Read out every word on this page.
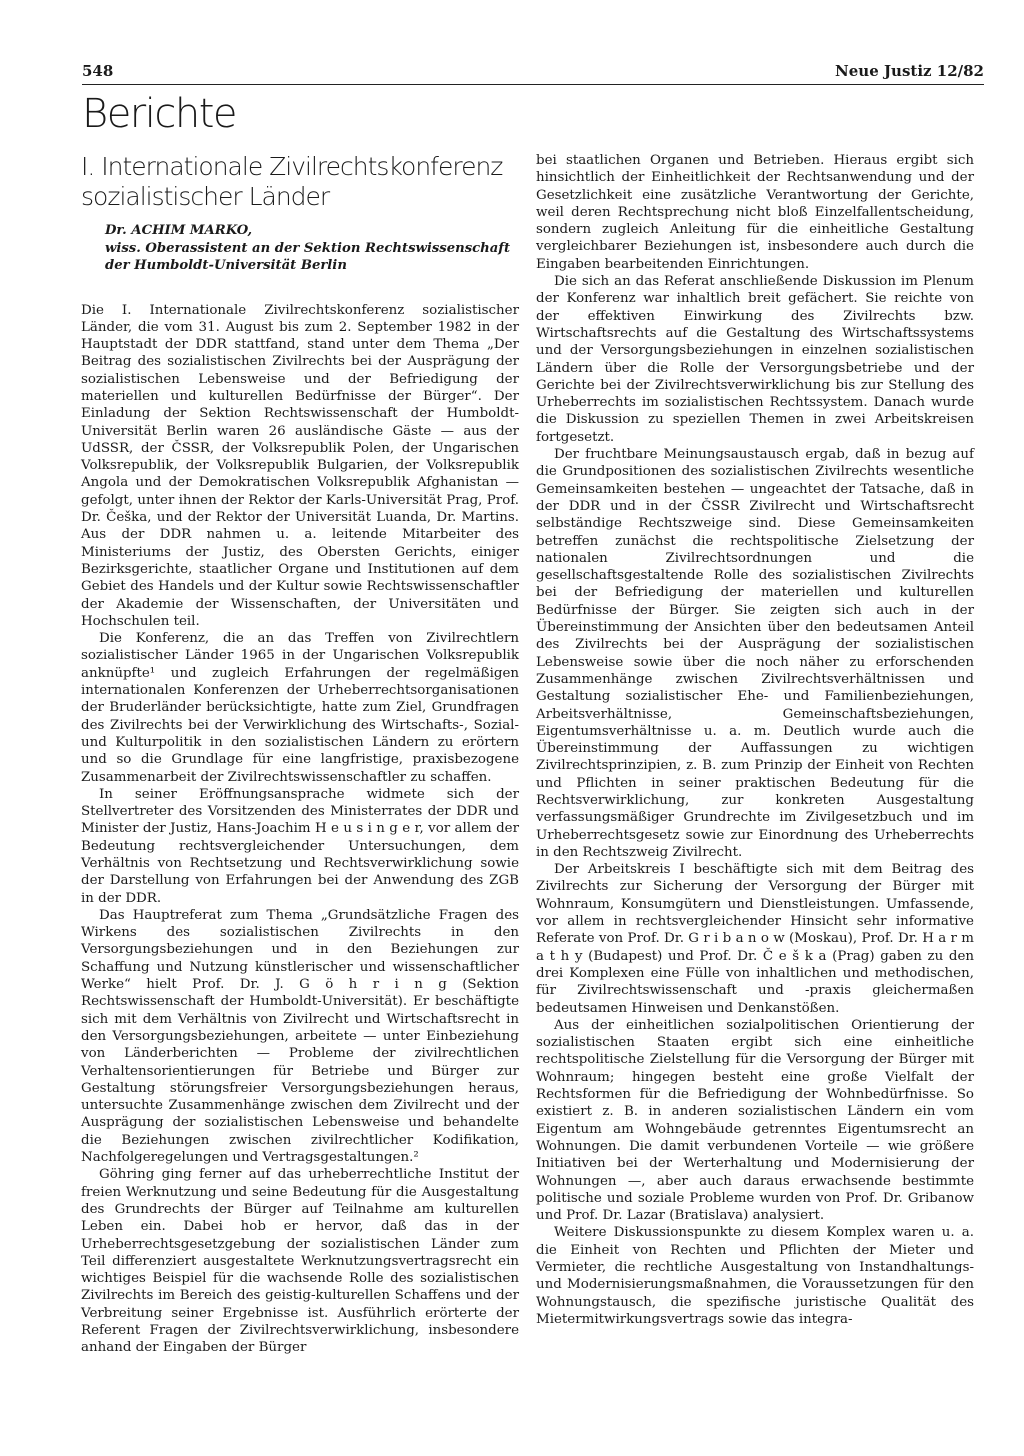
548	Neue Justiz 12/82
Berichte
I. Internationale Zivilrechtskonferenz
sozialistischer Länder
Dr. ACHIM MARKO,
wiss. Oberassistent an der Sektion Rechtswissenschaft
der Humboldt-Universität Berlin

Die I. Internationale Zivilrechtskonferenz sozialistischer Länder, die vom 31. August bis zum 2. September 1982 in der Hauptstadt der DDR stattfand, stand unter dem Thema „Der Beitrag des sozialistischen Zivilrechts bei der Ausprägung der sozialistischen Lebensweise und der Befriedigung der materiellen und kulturellen Bedürfnisse der Bürger“. Der Einladung der Sektion Rechtswissenschaft der Humboldt-Universität Berlin waren 26 ausländische Gäste — aus der UdSSR, der ČSSR, der Volksrepublik Polen, der Ungarischen Volksrepublik, der Volksrepublik Bulgarien, der Volksrepublik Angola und der Demokratischen Volksrepublik Afghanistan — gefolgt, unter ihnen der Rektor der Karls-Universität Prag, Prof. Dr. Češka, und der Rektor der Universität Luanda, Dr. Martins. Aus der DDR nahmen u. a. leitende Mitarbeiter des Ministeriums der Justiz, des Obersten Gerichts, einiger Bezirksgerichte, staatlicher Organe und Institutionen auf dem Gebiet des Handels und der Kultur sowie Rechtswissenschaftler der Akademie der Wissenschaften, der Universitäten und Hochschulen teil.

Die Konferenz, die an das Treffen von Zivilrechtlern sozialistischer Länder 1965 in der Ungarischen Volksrepublik anknüpfte¹ und zugleich Erfahrungen der regelmäßigen internationalen Konferenzen der Urheberrechtsorganisationen der Bruderländer berücksichtigte, hatte zum Ziel, Grundfragen des Zivilrechts bei der Verwirklichung des Wirtschafts-, Sozial- und Kulturpolitik in den sozialistischen Ländern zu erörtern und so die Grundlage für eine langfristige, praxisbezogene Zusammenarbeit der Zivilrechtswissenschaftler zu schaffen.

In seiner Eröffnungsansprache widmete sich der Stellvertreter des Vorsitzenden des Ministerrates der DDR und Minister der Justiz, Hans-Joachim H e u s i n g e r, vor allem der Bedeutung rechtsvergleichender Untersuchungen, dem Verhältnis von Rechtsetzung und Rechtsverwirklichung sowie der Darstellung von Erfahrungen bei der Anwendung des ZGB in der DDR.

Das Hauptreferat zum Thema „Grundsätzliche Fragen des Wirkens des sozialistischen Zivilrechts in den Versorgungsbeziehungen und in den Beziehungen zur Schaffung und Nutzung künstlerischer und wissenschaftlicher Werke“ hielt Prof. Dr. J. G ö h r i n g (Sektion Rechtswissenschaft der Humboldt-Universität). Er beschäftigte sich mit dem Verhältnis von Zivilrecht und Wirtschaftsrecht in den Versorgungsbeziehungen, arbeitete — unter Einbeziehung von Länderberichten — Probleme der zivilrechtlichen Verhaltensorientierungen für Betriebe und Bürger zur Gestaltung störungsfreier Versorgungsbeziehungen heraus, untersuchte Zusammenhänge zwischen dem Zivilrecht und der Ausprägung der sozialistischen Lebensweise und behandelte die Beziehungen zwischen zivilrechtlicher Kodifikation, Nachfolgeregelungen und Vertragsgestaltungen.²

Göhring ging ferner auf das urheberrechtliche Institut der freien Werknutzung und seine Bedeutung für die Ausgestaltung des Grundrechts der Bürger auf Teilnahme am kulturellen Leben ein. Dabei hob er hervor, daß das in der Urheberrechtsgesetzgebung der sozialistischen Länder zum Teil differenziert ausgestaltete Werknutzungsvertragsrecht ein wichtiges Beispiel für die wachsende Rolle des sozialistischen Zivilrechts im Bereich des geistig-kulturellen Schaffens und der Verbreitung seiner Ergebnisse ist. Ausführlich erörterte der Referent Fragen der Zivilrechtsverwirklichung, insbesondere anhand der Eingaben der Bürger

bei staatlichen Organen und Betrieben. Hieraus ergibt sich hinsichtlich der Einheitlichkeit der Rechtsanwendung und der Gesetzlichkeit eine zusätzliche Verantwortung der Gerichte, weil deren Rechtsprechung nicht bloß Einzelfallentscheidung, sondern zugleich Anleitung für die einheitliche Gestaltung vergleichbarer Beziehungen ist, insbesondere auch durch die Eingaben bearbeitenden Einrichtungen.

Die sich an das Referat anschließende Diskussion im Plenum der Konferenz war inhaltlich breit gefächert. Sie reichte von der effektiven Einwirkung des Zivilrechts bzw. Wirtschaftsrechts auf die Gestaltung des Wirtschaftssystems und der Versorgungsbeziehungen in einzelnen sozialistischen Ländern über die Rolle der Versorgungsbetriebe und der Gerichte bei der Zivilrechtsverwirklichung bis zur Stellung des Urheberrechts im sozialistischen Rechtssystem. Danach wurde die Diskussion zu speziellen Themen in zwei Arbeitskreisen fortgesetzt.

Der fruchtbare Meinungsaustausch ergab, daß in bezug auf die Grundpositionen des sozialistischen Zivilrechts wesentliche Gemeinsamkeiten bestehen — ungeachtet der Tatsache, daß in der DDR und in der ČSSR Zivilrecht und Wirtschaftsrecht selbständige Rechtszweige sind. Diese Gemeinsamkeiten betreffen zunächst die rechtspolitische Zielsetzung der nationalen Zivilrechtsordnungen und die gesellschaftsgestaltende Rolle des sozialistischen Zivilrechts bei der Befriedigung der materiellen und kulturellen Bedürfnisse der Bürger. Sie zeigten sich auch in der Übereinstimmung der Ansichten über den bedeutsamen Anteil des Zivilrechts bei der Ausprägung der sozialistischen Lebensweise sowie über die noch näher zu erforschenden Zusammenhänge zwischen Zivilrechtsverhältnissen und Gestaltung sozialistischer Ehe- und Familienbeziehungen, Arbeitsverhältnisse, Gemeinschaftsbeziehungen, Eigentumsverhältnisse u. a. m. Deutlich wurde auch die Übereinstimmung der Auffassungen zu wichtigen Zivilrechtsprinzipien, z. B. zum Prinzip der Einheit von Rechten und Pflichten in seiner praktischen Bedeutung für die Rechtsverwirklichung, zur konkreten Ausgestaltung verfassungsmäßiger Grundrechte im Zivilgesetzbuch und im Urheberrechtsgesetz sowie zur Einordnung des Urheberrechts in den Rechtszweig Zivilrecht.

Der Arbeitskreis I beschäftigte sich mit dem Beitrag des Zivilrechts zur Sicherung der Versorgung der Bürger mit Wohnraum, Konsumgütern und Dienstleistungen. Umfassende, vor allem in rechtsvergleichender Hinsicht sehr informative Referate von Prof. Dr. G r i b a n o w (Moskau), Prof. Dr. H a r m a t h y (Budapest) und Prof. Dr. Č e š k a (Prag) gaben zu den drei Komplexen eine Fülle von inhaltlichen und methodischen, für Zivilrechtswissenschaft und -praxis gleichermaßen bedeutsamen Hinweisen und Denkanstößen.

Aus der einheitlichen sozialpolitischen Orientierung der sozialistischen Staaten ergibt sich eine einheitliche rechtspolitische Zielstellung für die Versorgung der Bürger mit Wohnraum; hingegen besteht eine große Vielfalt der Rechtsformen für die Befriedigung der Wohnbedürfnisse. So existiert z. B. in anderen sozialistischen Ländern ein vom Eigentum am Wohngebäude getrenntes Eigentumsrecht an Wohnungen. Die damit verbundenen Vorteile — wie größere Initiativen bei der Werterhaltung und Modernisierung der Wohnungen —, aber auch daraus erwachsende bestimmte politische und soziale Probleme wurden von Prof. Dr. Gribanow und Prof. Dr. Lazar (Bratislava) analysiert.

Weitere Diskussionspunkte zu diesem Komplex waren u. a. die Einheit von Rechten und Pflichten der Mieter und Vermieter, die rechtliche Ausgestaltung von Instandhaltungs- und Modernisierungsmaßnahmen, die Voraussetzungen für den Wohnungstausch, die spezifische juristische Qualität des Mietermitwirkungsvertrags sowie das integra-
